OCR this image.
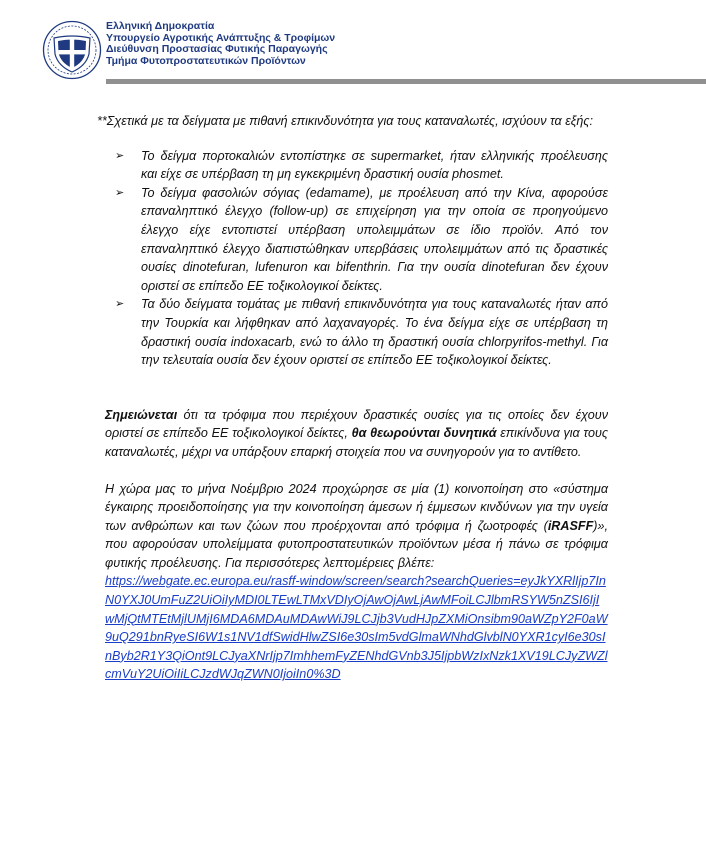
Ελληνική Δημοκρατία
Υπουργείο Αγροτικής Ανάπτυξης & Τροφίμων
Διεύθυνση Προστασίας Φυτικής Παραγωγής
Τμήμα Φυτοπροστατευτικών Προϊόντων

**Σχετικά με τα δείγματα με πιθανή επικινδυνότητα για τους καταναλωτές, ισχύουν τα εξής:

➢ Το δείγμα πορτοκαλιών εντοπίστηκε σε supermarket, ήταν ελληνικής προέλευσης και είχε σε υπέρβαση τη μη εγκεκριμένη δραστική ουσία phosmet.
➢ Το δείγμα φασολιών σόγιας (edamame), με προέλευση από την Κίνα, αφορούσε επαναληπτικό έλεγχο (follow-up) σε επιχείρηση για την οποία σε προηγούμενο έλεγχο είχε εντοπιστεί υπέρβαση υπολειμμάτων σε ίδιο προϊόν. Από τον επαναληπτικό έλεγχο διαπιστώθηκαν υπερβάσεις υπολειμμάτων από τις δραστικές ουσίες dinotefuran, lufenuron και bifenthrin. Για την ουσία dinotefuran δεν έχουν οριστεί σε επίπεδο ΕΕ τοξικολογικοί δείκτες.
➢ Τα δύο δείγματα τομάτας με πιθανή επικινδυνότητα για τους καταναλωτές ήταν από την Τουρκία και λήφθηκαν από λαχαναγορές. Το ένα δείγμα είχε σε υπέρβαση τη δραστική ουσία indoxacarb, ενώ το άλλο τη δραστική ουσία chlorpyrifos-methyl. Για την τελευταία ουσία δεν έχουν οριστεί σε επίπεδο ΕΕ τοξικολογικοί δείκτες.

Σημειώνεται ότι τα τρόφιμα που περιέχουν δραστικές ουσίες για τις οποίες δεν έχουν οριστεί σε επίπεδο ΕΕ τοξικολογικοί δείκτες, θα θεωρούνται δυνητικά επικίνδυνα για τους καταναλωτές, μέχρι να υπάρξουν επαρκή στοιχεία που να συνηγορούν για το αντίθετο.

Η χώρα μας το μήνα Νοέμβριο 2024 προχώρησε σε μία (1) κοινοποίηση στο «σύστημα έγκαιρης προειδοποίησης για την κοινοποίηση άμεσων ή έμμεσων κινδύνων για την υγεία των ανθρώπων και των ζώων που προέρχονται από τρόφιμα ή ζωοτροφές (iRASFF)», που αφορούσαν υπολείμματα φυτοπροστατευτικών προϊόντων μέσα ή πάνω σε τρόφιμα φυτικής προέλευσης. Για περισσότερες λεπτομέρειες βλέπε:
https://webgate.ec.europa.eu/rasff-window/screen/search?searchQueries=eyJkYXRlIjp7InN0YXJ0UmFuZ2UiOiIyMDI0LTEwLTMxVDIyOjAwOjAwLjAwMFoiLCJlbmRSYW5nZSI6IjIwMjQtMTEtMjlUMjI6MDA6MDAuMDAwWiJ9LCJjb3VudHJpZXMiOnsibm90aWZpY2F0aW9uQ291bnRyeSI6W1s1NV1dfSwidHlwZSI6e30sIm5vdGlmaWNhdGlvblN0YXR1cyI6e30sInByb2R1Y3QiOnt9LCJyaXNrIjp7ImhhemFyZENhdGVnb3J5IjpbWzIxNzk1XV19LCJyZWZlcmVuY2UiOiIiLCJzdWJqZWN0IjoiIn0%3D
